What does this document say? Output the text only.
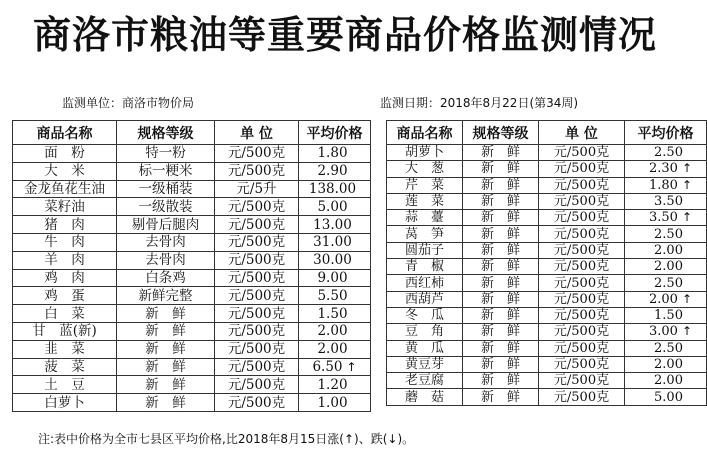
商洛市粮油等重要商品价格监测情况
监测单位：商洛市物价局	监测日期：2018年8月22日(第34周)
商品名称	规格等级	单 位	平均价格
面　粉	特一粉	元/500克	1.80
大　米	标一粳米	元/500克	2.90
金龙鱼花生油	一级桶装	元/5升	138.00
菜籽油	一级散装	元/500克	5.00
猪　肉	剔骨后腿肉	元/500克	13.00
牛　肉	去骨肉	元/500克	31.00
羊　肉	去骨肉	元/500克	30.00
鸡　肉	白条鸡	元/500克	9.00
鸡　蛋	新鲜完整	元/500克	5.50
白　菜	新　鲜	元/500克	1.50
甘　蓝(新)	新　鲜	元/500克	2.00
韭　菜	新　鲜	元/500克	2.00
菠　菜	新　鲜	元/500克	6.50 ↑
土　豆	新　鲜	元/500克	1.20
白萝卜	新　鲜	元/500克	1.00
商品名称	规格等级	单 位	平均价格
胡萝卜	新　鲜	元/500克	2.50
大　葱	新　鲜	元/500克	2.30 ↑
芹　菜	新　鲜	元/500克	1.80 ↑
莲　菜	新　鲜	元/500克	3.50
蒜　薹	新　鲜	元/500克	3.50 ↑
莴　笋	新　鲜	元/500克	2.50
圆茄子	新　鲜	元/500克	2.00
青　椒	新　鲜	元/500克	2.00
西红柿	新　鲜	元/500克	2.50
西葫芦	新　鲜	元/500克	2.00 ↑
冬　瓜	新　鲜	元/500克	1.50
豆　角	新　鲜	元/500克	3.00 ↑
黄　瓜	新　鲜	元/500克	2.50
黄豆芽	新　鲜	元/500克	2.00
老豆腐	新　鲜	元/500克	2.00
蘑　菇	新　鲜	元/500克	5.00
注:表中价格为全市七县区平均价格,比2018年8月15日涨(↑)、跌(↓)。
